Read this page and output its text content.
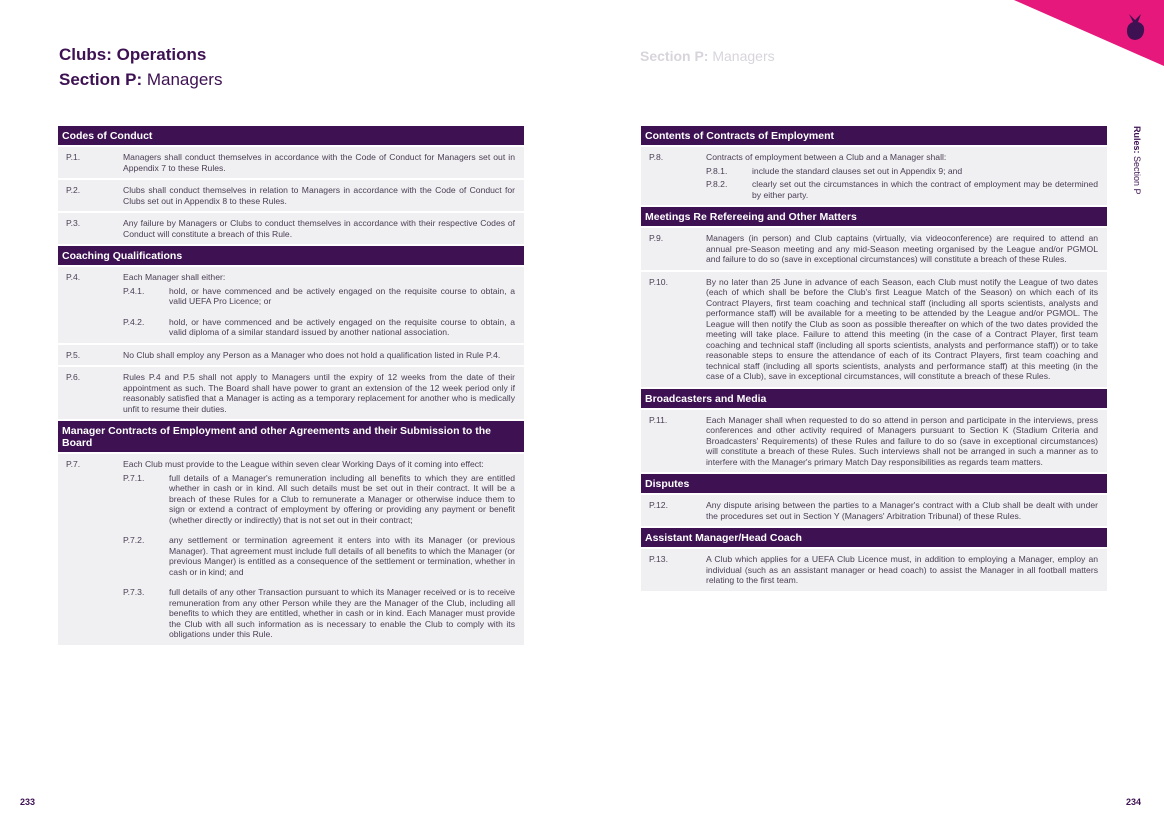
Clubs: Operations
Section P: Managers
Section P: Managers
Rules: Section P
Codes of Conduct
P.1.	Managers shall conduct themselves in accordance with the Code of Conduct for Managers set out in Appendix 7 to these Rules.
P.2.	Clubs shall conduct themselves in relation to Managers in accordance with the Code of Conduct for Clubs set out in Appendix 8 to these Rules.
P.3.	Any failure by Managers or Clubs to conduct themselves in accordance with their respective Codes of Conduct will constitute a breach of this Rule.
Coaching Qualifications
P.4.	Each Manager shall either:
P.4.1.	hold, or have commenced and be actively engaged on the requisite course to obtain, a valid UEFA Pro Licence; or
P.4.2.	hold, or have commenced and be actively engaged on the requisite course to obtain, a valid diploma of a similar standard issued by another national association.
P.5.	No Club shall employ any Person as a Manager who does not hold a qualification listed in Rule P.4.
P.6.	Rules P.4 and P.5 shall not apply to Managers until the expiry of 12 weeks from the date of their appointment as such. The Board shall have power to grant an extension of the 12 week period only if reasonably satisfied that a Manager is acting as a temporary replacement for another who is medically unfit to resume their duties.
Manager Contracts of Employment and other Agreements and their Submission to the Board
P.7.	Each Club must provide to the League within seven clear Working Days of it coming into effect:
P.7.1.	full details of a Manager's remuneration including all benefits to which they are entitled whether in cash or in kind. All such details must be set out in their contract. It will be a breach of these Rules for a Club to remunerate a Manager or otherwise induce them to sign or extend a contract of employment by offering or providing any payment or benefit (whether directly or indirectly) that is not set out in their contract;
P.7.2.	any settlement or termination agreement it enters into with its Manager (or previous Manager). That agreement must include full details of all benefits to which the Manager (or previous Manger) is entitled as a consequence of the settlement or termination, whether in cash or in kind; and
P.7.3.	full details of any other Transaction pursuant to which its Manager received or is to receive remuneration from any other Person while they are the Manager of the Club, including all benefits to which they are entitled, whether in cash or in kind. Each Manager must provide the Club with all such information as is necessary to enable the Club to comply with its obligations under this Rule.
Contents of Contracts of Employment
P.8.	Contracts of employment between a Club and a Manager shall:
P.8.1.	include the standard clauses set out in Appendix 9; and
P.8.2.	clearly set out the circumstances in which the contract of employment may be determined by either party.
Meetings Re Refereeing and Other Matters
P.9.	Managers (in person) and Club captains (virtually, via videoconference) are required to attend an annual pre-Season meeting and any mid-Season meeting organised by the League and/or PGMOL and failure to do so (save in exceptional circumstances) will constitute a breach of these Rules.
P.10.	By no later than 25 June in advance of each Season, each Club must notify the League of two dates (each of which shall be before the Club's first League Match of the Season) on which each of its Contract Players, first team coaching and technical staff (including all sports scientists, analysts and performance staff) will be available for a meeting to be attended by the League and/or PGMOL. The League will then notify the Club as soon as possible thereafter on which of the two dates provided the meeting will take place. Failure to attend this meeting (in the case of a Contract Player, first team coaching and technical staff (including all sports scientists, analysts and performance staff)) or to take reasonable steps to ensure the attendance of each of its Contract Players, first team coaching and technical staff (including all sports scientists, analysts and performance staff) at this meeting (in the case of a Club), save in exceptional circumstances, will constitute a breach of these Rules.
Broadcasters and Media
P.11.	Each Manager shall when requested to do so attend in person and participate in the interviews, press conferences and other activity required of Managers pursuant to Section K (Stadium Criteria and Broadcasters' Requirements) of these Rules and failure to do so (save in exceptional circumstances) will constitute a breach of these Rules. Such interviews shall not be arranged in such a manner as to interfere with the Manager's primary Match Day responsibilities as regards team matters.
Disputes
P.12.	Any dispute arising between the parties to a Manager's contract with a Club shall be dealt with under the procedures set out in Section Y (Managers' Arbitration Tribunal) of these Rules.
Assistant Manager/Head Coach
P.13.	A Club which applies for a UEFA Club Licence must, in addition to employing a Manager, employ an individual (such as an assistant manager or head coach) to assist the Manager in all football matters relating to the first team.
233	234
